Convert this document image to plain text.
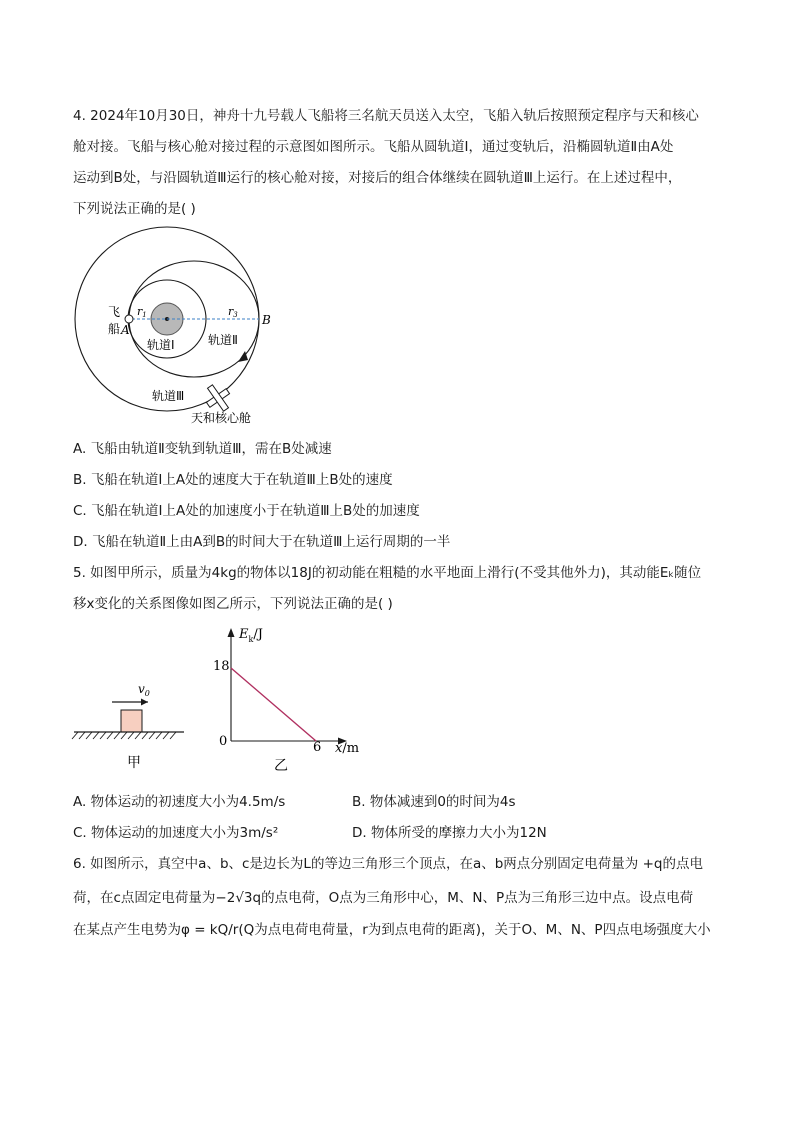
4. 2024年10月30日，神舟十九号载人飞船将三名航天员送入太空，飞船入轨后按照预定程序与天和核心
舱对接。飞船与核心舱对接过程的示意图如图所示。飞船从圆轨道Ⅰ，通过变轨后，沿椭圆轨道Ⅱ由A处
运动到B处，与沿圆轨道Ⅲ运行的核心舱对接，对接后的组合体继续在圆轨道Ⅲ上运行。在上述过程中，
下列说法正确的是( )
飞
船 A
B
r1	r3
轨道Ⅰ	轨道Ⅱ
轨道Ⅲ
天和核心舱
A. 飞船由轨道Ⅱ变轨到轨道Ⅲ，需在B处减速
B. 飞船在轨道Ⅰ上A处的速度大于在轨道Ⅲ上B处的速度
C. 飞船在轨道Ⅰ上A处的加速度小于在轨道Ⅲ上B处的加速度
D. 飞船在轨道Ⅱ上由A到B的时间大于在轨道Ⅲ上运行周期的一半
5. 如图甲所示，质量为4kg的物体以18J的初动能在粗糙的水平地面上滑行(不受其他外力)，其动能Eₖ随位
移x变化的关系图像如图乙所示，下列说法正确的是( )
$v_0$
甲
$E_k/J$
18
0	6 x/m
乙
A. 物体运动的初速度大小为4.5m/s	B. 物体减速到0的时间为4s
C. 物体运动的加速度大小为3m/s²	D. 物体所受的摩擦力大小为12N
6. 如图所示，真空中a、b、c是边长为L的等边三角形三个顶点，在a、b两点分别固定电荷量为 +q的点电
荷，在c点固定电荷量为−2√3q的点电荷，O点为三角形中心，M、N、P点为三角形三边中点。设点电荷
在某点产生电势为φ = kQ/r(Q为点电荷电荷量，r为到点电荷的距离)，关于O、M、N、P四点电场强度大小
